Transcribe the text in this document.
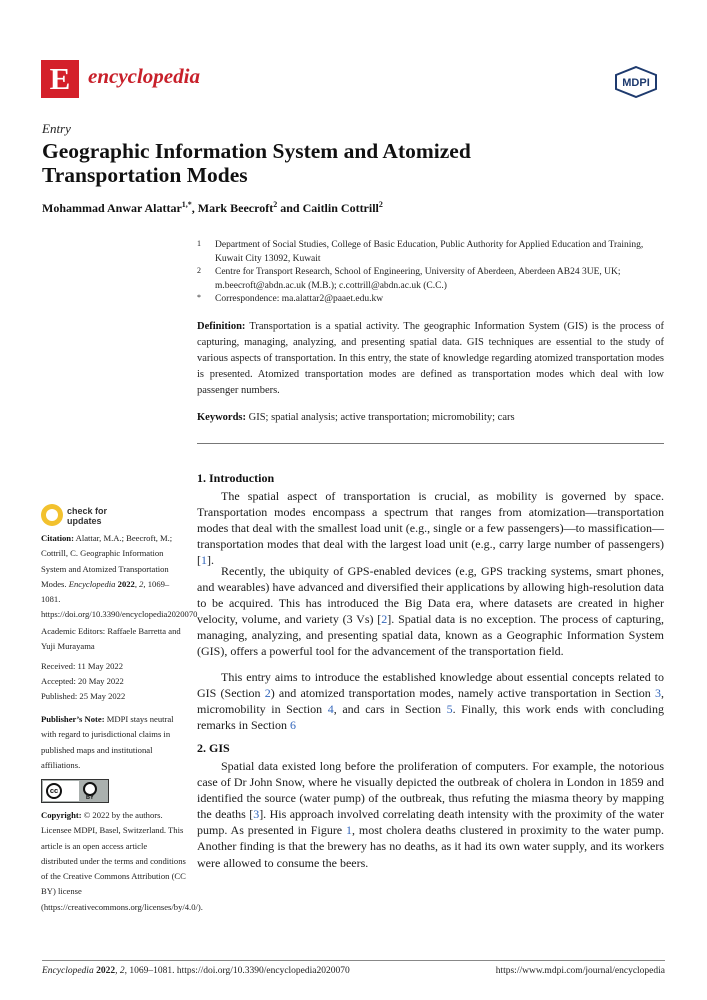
E encyclopedia	MDPI
Entry
Geographic Information System and Atomized Transportation Modes
Mohammad Anwar Alattar$^{1,*}$, Mark Beecroft$^2$ and Caitlin Cottrill$^2$
1	Department of Social Studies, College of Basic Education, Public Authority for Applied Education and Training, Kuwait City 13092, Kuwait
2	Centre for Transport Research, School of Engineering, University of Aberdeen, Aberdeen AB24 3UE, UK; m.beecroft@abdn.ac.uk (M.B.); c.cottrill@abdn.ac.uk (C.C.)
*	Correspondence: ma.alattar2@paaet.edu.kw
Definition: Transportation is a spatial activity. The geographic Information System (GIS) is the process of capturing, managing, analyzing, and presenting spatial data. GIS techniques are essential to the study of various aspects of transportation. In this entry, the state of knowledge regarding atomized transportation modes is presented. Atomized transportation modes are defined as transportation modes which deal with low passenger numbers.
Keywords: GIS; spatial analysis; active transportation; micromobility; cars
check for
updates
Citation: Alattar, M.A.; Beecroft, M.; Cottrill, C. Geographic Information System and Atomized Transportation Modes. Encyclopedia 2022, 2, 1069–1081. https://doi.org/10.3390/encyclopedia2020070
Academic Editors: Raffaele Barretta and Yuji Murayama
Received: 11 May 2022
Accepted: 20 May 2022
Published: 25 May 2022
Publisher’s Note: MDPI stays neutral with regard to jurisdictional claims in published maps and institutional affiliations.
cc
BY
Copyright: © 2022 by the authors. Licensee MDPI, Basel, Switzerland. This article is an open access article distributed under the terms and conditions of the Creative Commons Attribution (CC BY) license (https://creativecommons.org/licenses/by/4.0/).
1. Introduction
The spatial aspect of transportation is crucial, as mobility is governed by space. Transportation modes encompass a spectrum that ranges from atomization—transportation modes that deal with the smallest load unit (e.g., single or a few passengers)—to massification—transportation modes that deal with the largest load unit (e.g., carry large number of passengers) [1].
Recently, the ubiquity of GPS-enabled devices (e.g, GPS tracking systems, smart phones, and wearables) have advanced and diversified their applications by allowing high-resolution data to be acquired. This has introduced the Big Data era, where datasets are created in higher velocity, volume, and variety (3 Vs) [2]. Spatial data is no exception. The process of capturing, managing, analyzing, and presenting spatial data, known as a Geographic Information System (GIS), offers a powerful tool for the advancement of the transportation field.
This entry aims to introduce the established knowledge about essential concepts related to GIS (Section 2) and atomized transportation modes, namely active transportation in Section 3, micromobility in Section 4, and cars in Section 5. Finally, this work ends with concluding remarks in Section 6
2. GIS
Spatial data existed long before the proliferation of computers. For example, the notorious case of Dr John Snow, where he visually depicted the outbreak of cholera in London in 1859 and identified the source (water pump) of the outbreak, thus refuting the miasma theory by mapping the deaths [3]. His approach involved correlating death intensity with the proximity of the water pump. As presented in Figure 1, most cholera deaths clustered in proximity to the water pump. Another finding is that the brewery has no deaths, as it had its own water supply, and its workers were allowed to consume the beers.
Encyclopedia 2022, 2, 1069–1081. https://doi.org/10.3390/encyclopedia2020070	https://www.mdpi.com/journal/encyclopedia
